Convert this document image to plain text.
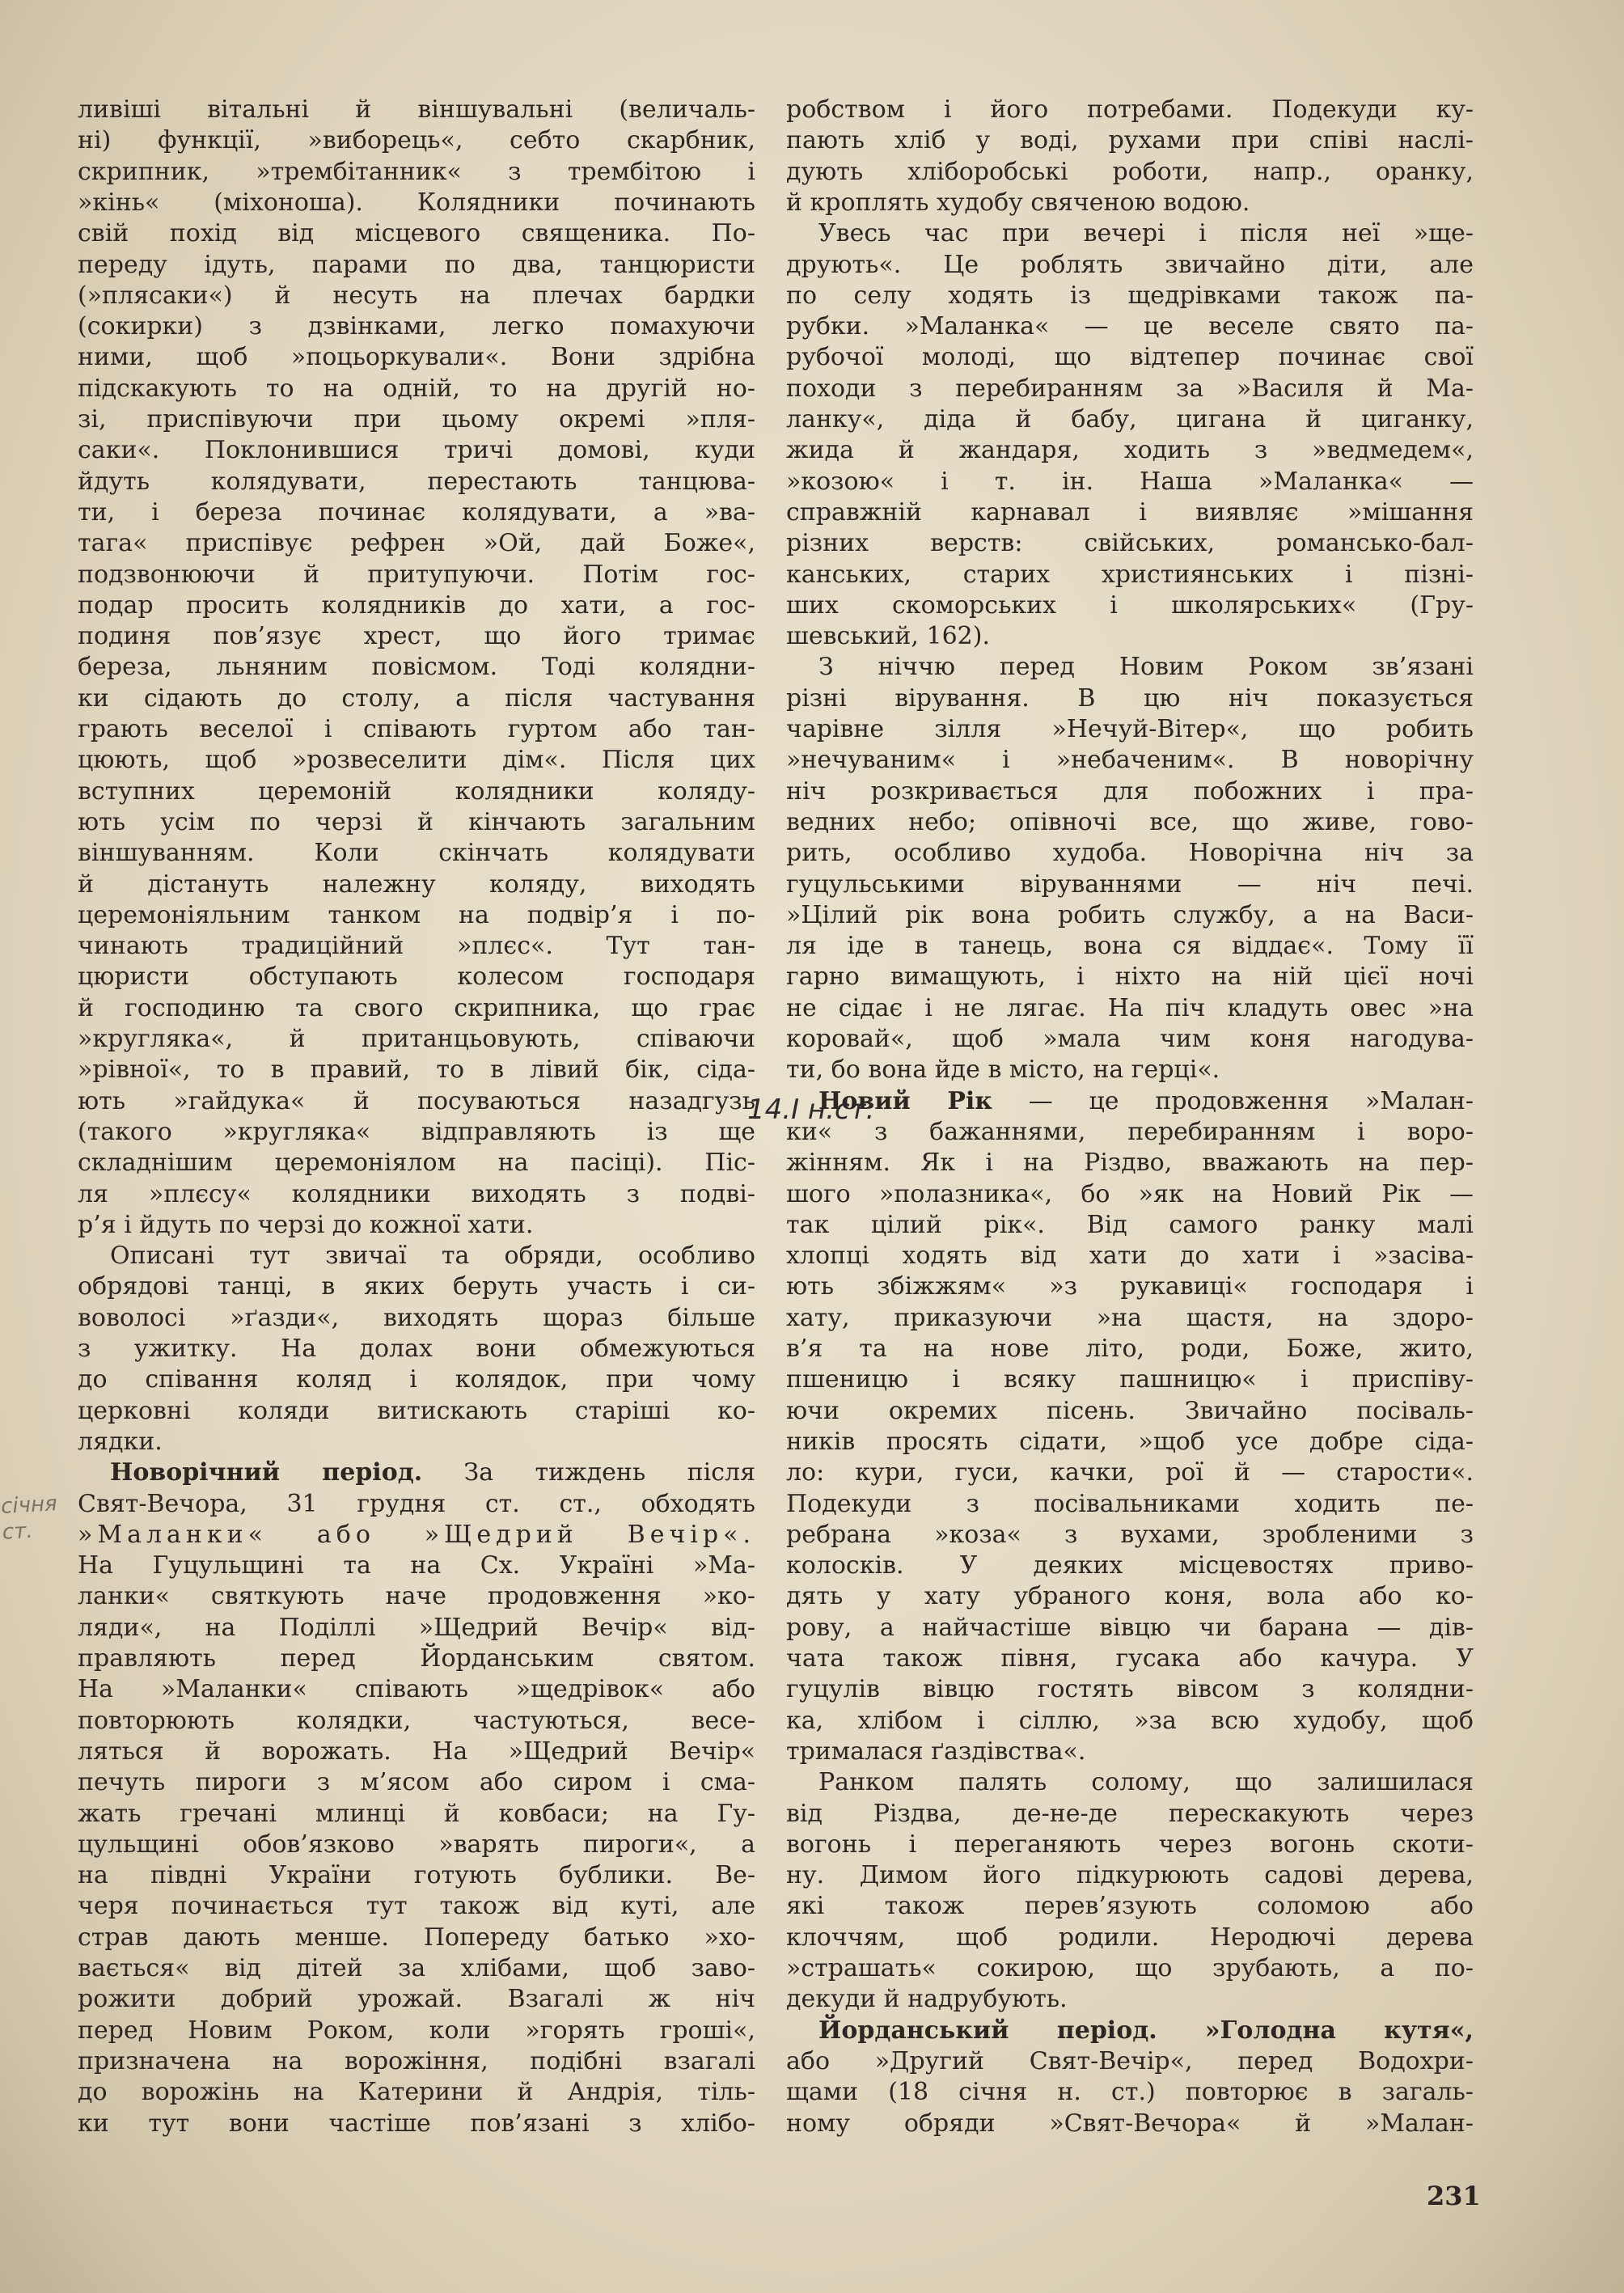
ливіші вітальні й віншувальні (величаль-
ні) функції, »виборець«, себто скарбник,
скрипник, »трембітанник« з трембітою і
»кінь« (міхоноша). Колядники починають
свій похід від місцевого священика. По-
переду ідуть, парами по два, танцюристи
(»плясаки«) й несуть на плечах бардки
(сокирки) з дзвінками, легко помахуючи
ними, щоб »поцьоркували«. Вони здрібна
підскакують то на одній, то на другій но-
зі, приспівуючи при цьому окремі »пля-
саки«. Поклонившися тричі домові, куди
йдуть колядувати, перестають танцюва-
ти, і береза починає колядувати, а »ва-
тага« приспівує рефрен »Ой, дай Боже«,
подзвонюючи й притупуючи. Потім гос-
подар просить колядників до хати, а гос-
подиня пов’язує хрест, що його тримає
береза, льняним повісмом. Тоді колядни-
ки сідають до столу, а після частування
грають веселої і співають гуртом або тан-
цюють, щоб »розвеселити дім«. Після цих
вступних церемоній колядники коляду-
ють усім по черзі й кінчають загальним
віншуванням. Коли скінчать колядувати
й дістануть належну коляду, виходять
церемоніяльним танком на подвір’я і по-
чинають традиційний »плєс«. Тут тан-
цюристи обступають колесом господаря
й господиню та свого скрипника, що грає
»кругляка«, й пританцьовують, співаючи
»рівної«, то в правий, то в лівий бік, сіда-
ють »гайдука« й посуваються назадгузь
(такого »кругляка« відправляють із ще
складнішим церемоніялом на пасіці). Піс-
ля »плєсу« колядники виходять з подві-
р’я і йдуть по черзі до кожної хати.
Описані тут звичаї та обряди, особливо
обрядові танці, в яких беруть участь і си-
воволосі »ґазди«, виходять щораз більше
з ужитку. На долах вони обмежуються
до співання коляд і колядок, при чому
церковні коляди витискають старіші ко-
лядки.
Новорічний період. За тиждень після
Свят-Вечора, 31 грудня ст. ст., обходять
»Маланки« або »Щедрий Вечір«.
На Гуцульщині та на Сх. Україні »Ма-
ланки« святкують наче продовження »ко-
ляди«, на Поділлі »Щедрий Вечір« від-
правляють перед Йорданським святом.
На »Маланки« співають »щедрівок« або
повторюють колядки, частуються, весе-
ляться й ворожать. На »Щедрий Вечір«
печуть пироги з м’ясом або сиром і сма-
жать гречані млинці й ковбаси; на Гу-
цульщині обов’язково »варять пироги«, а
на півдні України готують бублики. Ве-
черя починається тут також від куті, але
страв дають менше. Попереду батько »хо-
вається« від дітей за хлібами, щоб заво-
рожити добрий урожай. Взагалі ж ніч
перед Новим Роком, коли »горять гроші«,
призначена на ворожіння, подібні взагалі
до ворожінь на Катерини й Андрія, тіль-
ки тут вони частіше пов’язані з хлібо-
робством і його потребами. Подекуди ку-
пають хліб у воді, рухами при співі наслі-
дують хліборобські роботи, напр., оранку,
й кроплять худобу свяченою водою.
Увесь час при вечері і після неї »ще-
друють«. Це роблять звичайно діти, але
по селу ходять із щедрівками також па-
рубки. »Маланка« — це веселе свято па-
рубочої молоді, що відтепер починає свої
походи з перебиранням за »Василя й Ма-
ланку«, діда й бабу, цигана й циганку,
жида й жандаря, ходить з »ведмедем«,
»козою« і т. ін. Наша »Маланка« —
справжній карнавал і виявляє »мішання
різних верств: свійських, романсько-бал-
канських, старих християнських і пізні-
ших скоморських і школярських« (Гру-
шевський, 162).
З ніччю перед Новим Роком зв’язані
різні вірування. В цю ніч показується
чарівне зілля »Нечуй-Вітер«, що робить
»нечуваним« і »небаченим«. В новорічну
ніч розкривається для побожних і пра-
ведних небо; опівночі все, що живе, гово-
рить, особливо худоба. Новорічна ніч за
гуцульськими віруваннями — ніч печі.
»Цілий рік вона робить службу, а на Васи-
ля іде в танець, вона ся віддає«. Тому її
гарно вимащують, і ніхто на ній цієї ночі
не сідає і не лягає. На піч кладуть овес »на
коровай«, щоб »мала чим коня нагодува-
ти, бо вона йде в місто, на герці«.
Новий Рік — це продовження »Малан-
ки« з бажаннями, перебиранням і воро-
жінням. Як і на Різдво, вважають на пер-
шого »полазника«, бо »як на Новий Рік —
так цілий рік«. Від самого ранку малі
хлопці ходять від хати до хати і »засіва-
ють збіжжям« »з рукавиці« господаря і
хату, приказуючи »на щастя, на здоро-
в’я та на нове літо, роди, Боже, жито,
пшеницю і всяку пашницю« і приспіву-
ючи окремих пісень. Звичайно посіваль-
ників просять сідати, »щоб усе добре сіда-
ло: кури, гуси, качки, рої й — старости«.
Подекуди з посівальниками ходить пе-
ребрана »коза« з вухами, зробленими з
колосків. У деяких місцевостях приво-
дять у хату убраного коня, вола або ко-
рову, а найчастіше вівцю чи барана — дів-
чата також півня, гусака або качура. У
гуцулів вівцю гостять вівсом з колядни-
ка, хлібом і сіллю, »за всю худобу, щоб
трималася ґаздівства«.
Ранком палять солому, що залишилася
від Різдва, де-не-де перескакують через
вогонь і переганяють через вогонь скоти-
ну. Димом його підкурюють садові дерева,
які також перев’язують соломою або
клоччям, щоб родили. Неродючі дерева
»страшать« сокирою, що зрубають, а по-
декуди й надрубують.
Йорданський період. »Голодна кутя«,
або »Другий Свят-Вечір«, перед Водохри-
щами (18 січня н. ст.) повторює в загаль-
ному обряди »Свят-Вечора« й »Малан-
січня
ст.
14.I н.ст.
231
